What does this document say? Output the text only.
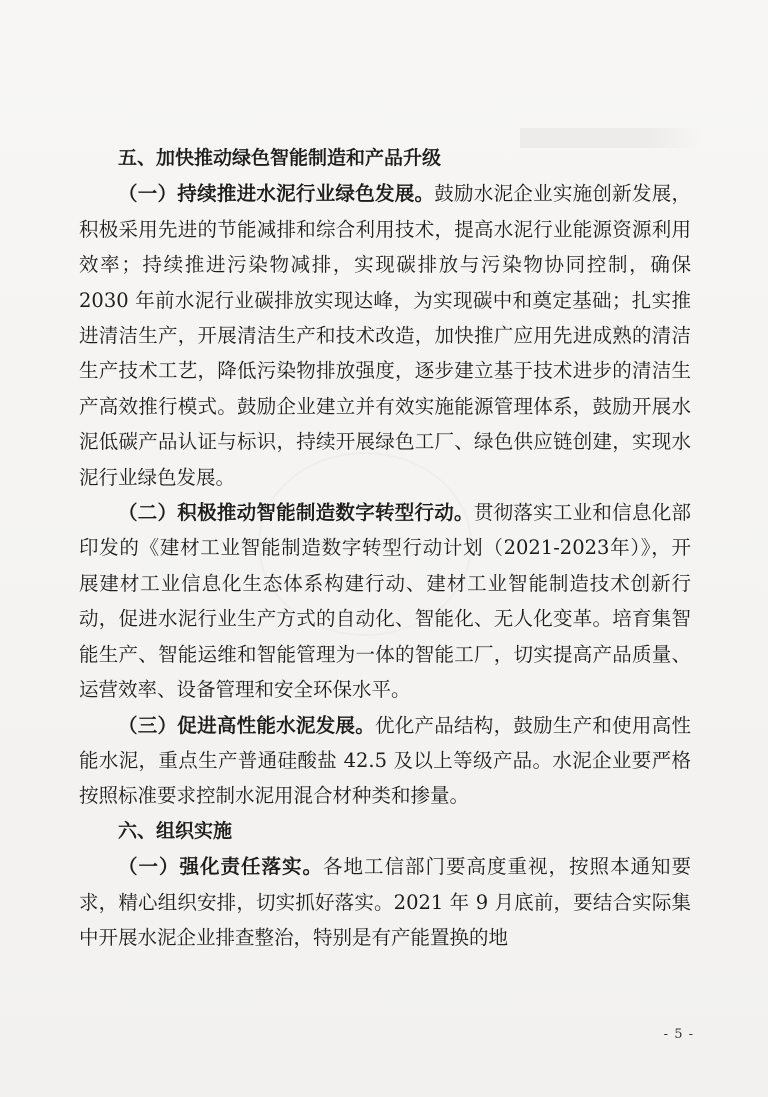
五、加快推动绿色智能制造和产品升级

（一）持续推进水泥行业绿色发展。鼓励水泥企业实施创新发展，积极采用先进的节能减排和综合利用技术，提高水泥行业能源资源利用效率；持续推进污染物减排，实现碳排放与污染物协同控制，确保 2030 年前水泥行业碳排放实现达峰，为实现碳中和奠定基础；扎实推进清洁生产，开展清洁生产和技术改造，加快推广应用先进成熟的清洁生产技术工艺，降低污染物排放强度，逐步建立基于技术进步的清洁生产高效推行模式。鼓励企业建立并有效实施能源管理体系，鼓励开展水泥低碳产品认证与标识，持续开展绿色工厂、绿色供应链创建，实现水泥行业绿色发展。

（二）积极推动智能制造数字转型行动。贯彻落实工业和信息化部印发的《建材工业智能制造数字转型行动计划（2021-2023年）》，开展建材工业信息化生态体系构建行动、建材工业智能制造技术创新行动，促进水泥行业生产方式的自动化、智能化、无人化变革。培育集智能生产、智能运维和智能管理为一体的智能工厂，切实提高产品质量、运营效率、设备管理和安全环保水平。

（三）促进高性能水泥发展。优化产品结构，鼓励生产和使用高性能水泥，重点生产普通硅酸盐 42.5 及以上等级产品。水泥企业要严格按照标准要求控制水泥用混合材种类和掺量。

六、组织实施

（一）强化责任落实。各地工信部门要高度重视，按照本通知要求，精心组织安排，切实抓好落实。2021 年 9 月底前，要结合实际集中开展水泥企业排查整治，特别是有产能置换的地

- 5 -
